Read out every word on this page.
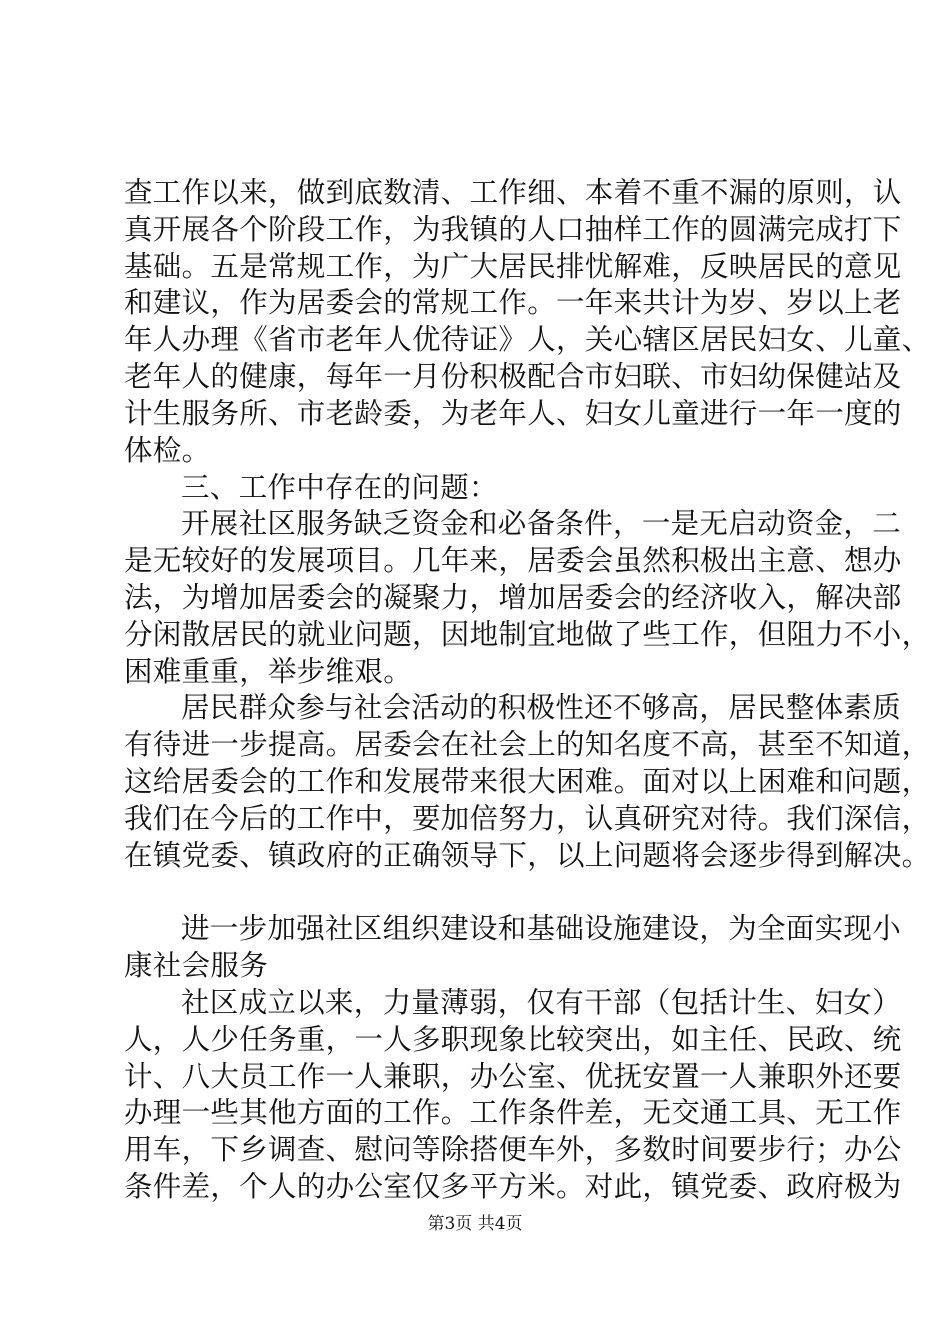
查工作以来，做到底数清、工作细、本着不重不漏的原则，认
真开展各个阶段工作，为我镇的人口抽样工作的圆满完成打下
基础。五是常规工作，为广大居民排忧解难，反映居民的意见
和建议，作为居委会的常规工作。一年来共计为岁、岁以上老
年人办理《省市老年人优待证》人，关心辖区居民妇女、儿童、
老年人的健康，每年一月份积极配合市妇联、市妇幼保健站及
计生服务所、市老龄委，为老年人、妇女儿童进行一年一度的
体检。
三、工作中存在的问题：
开展社区服务缺乏资金和必备条件，一是无启动资金，二
是无较好的发展项目。几年来，居委会虽然积极出主意、想办
法，为增加居委会的凝聚力，增加居委会的经济收入，解决部
分闲散居民的就业问题，因地制宜地做了些工作，但阻力不小，
困难重重，举步维艰。
居民群众参与社会活动的积极性还不够高，居民整体素质
有待进一步提高。居委会在社会上的知名度不高，甚至不知道，
这给居委会的工作和发展带来很大困难。面对以上困难和问题，
我们在今后的工作中，要加倍努力，认真研究对待。我们深信，
在镇党委、镇政府的正确领导下，以上问题将会逐步得到解决。
进一步加强社区组织建设和基础设施建设，为全面实现小
康社会服务
社区成立以来，力量薄弱，仅有干部（包括计生、妇女）
人，人少任务重，一人多职现象比较突出，如主任、民政、统
计、八大员工作一人兼职，办公室、优抚安置一人兼职外还要
办理一些其他方面的工作。工作条件差，无交通工具、无工作
用车，下乡调查、慰问等除搭便车外，多数时间要步行；办公
条件差，个人的办公室仅多平方米。对此，镇党委、政府极为
第3页 共4页
